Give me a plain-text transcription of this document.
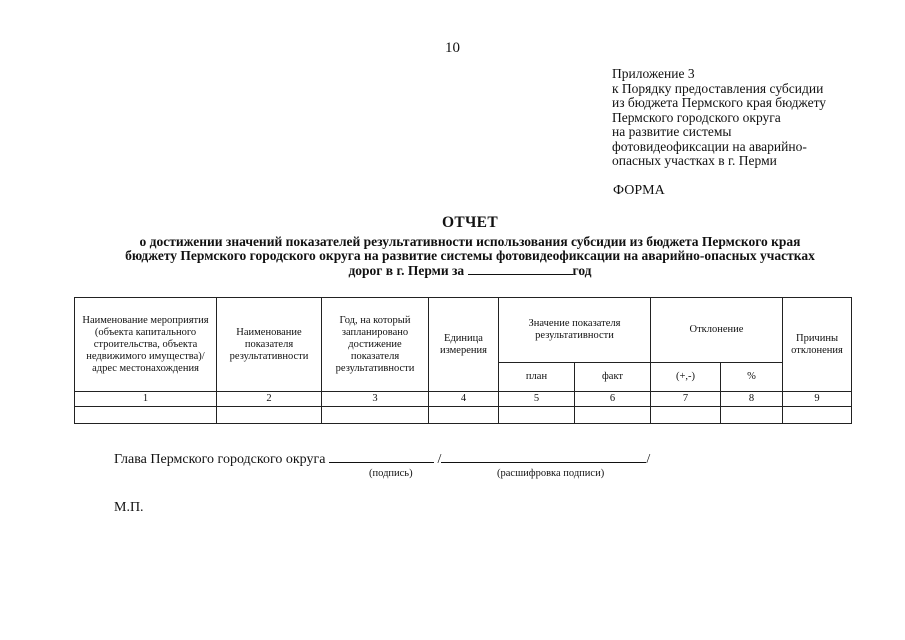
10
Приложение 3
к Порядку предоставления субсидии
из бюджета Пермского края бюджету
Пермского городского округа
на развитие системы
фотовидеофиксации на аварийно-
опасных участках в г. Перми
ФОРМА
ОТЧЕТ
о достижении значений показателей результативности использования субсидии из бюджета Пермского края
бюджету Пермского городского округа на развитие системы фотовидеофиксации на аварийно-опасных участках
дорог в г. Перми за	год
Наименование мероприятия (объекта капитального строительства, объекта недвижимого имущества)/адрес местонахождения	Наименование показателя результативности	Год, на который запланировано достижение показателя результативности	Единица измерения	Значение показателя результативности		Отклонение		Причины отклонения
				план	факт	(+,-)	%	
1	2	3	4	5	6	7	8	9

Глава Пермского городского округа	/	/
(подпись)	(расшифровка подписи)
М.П.
